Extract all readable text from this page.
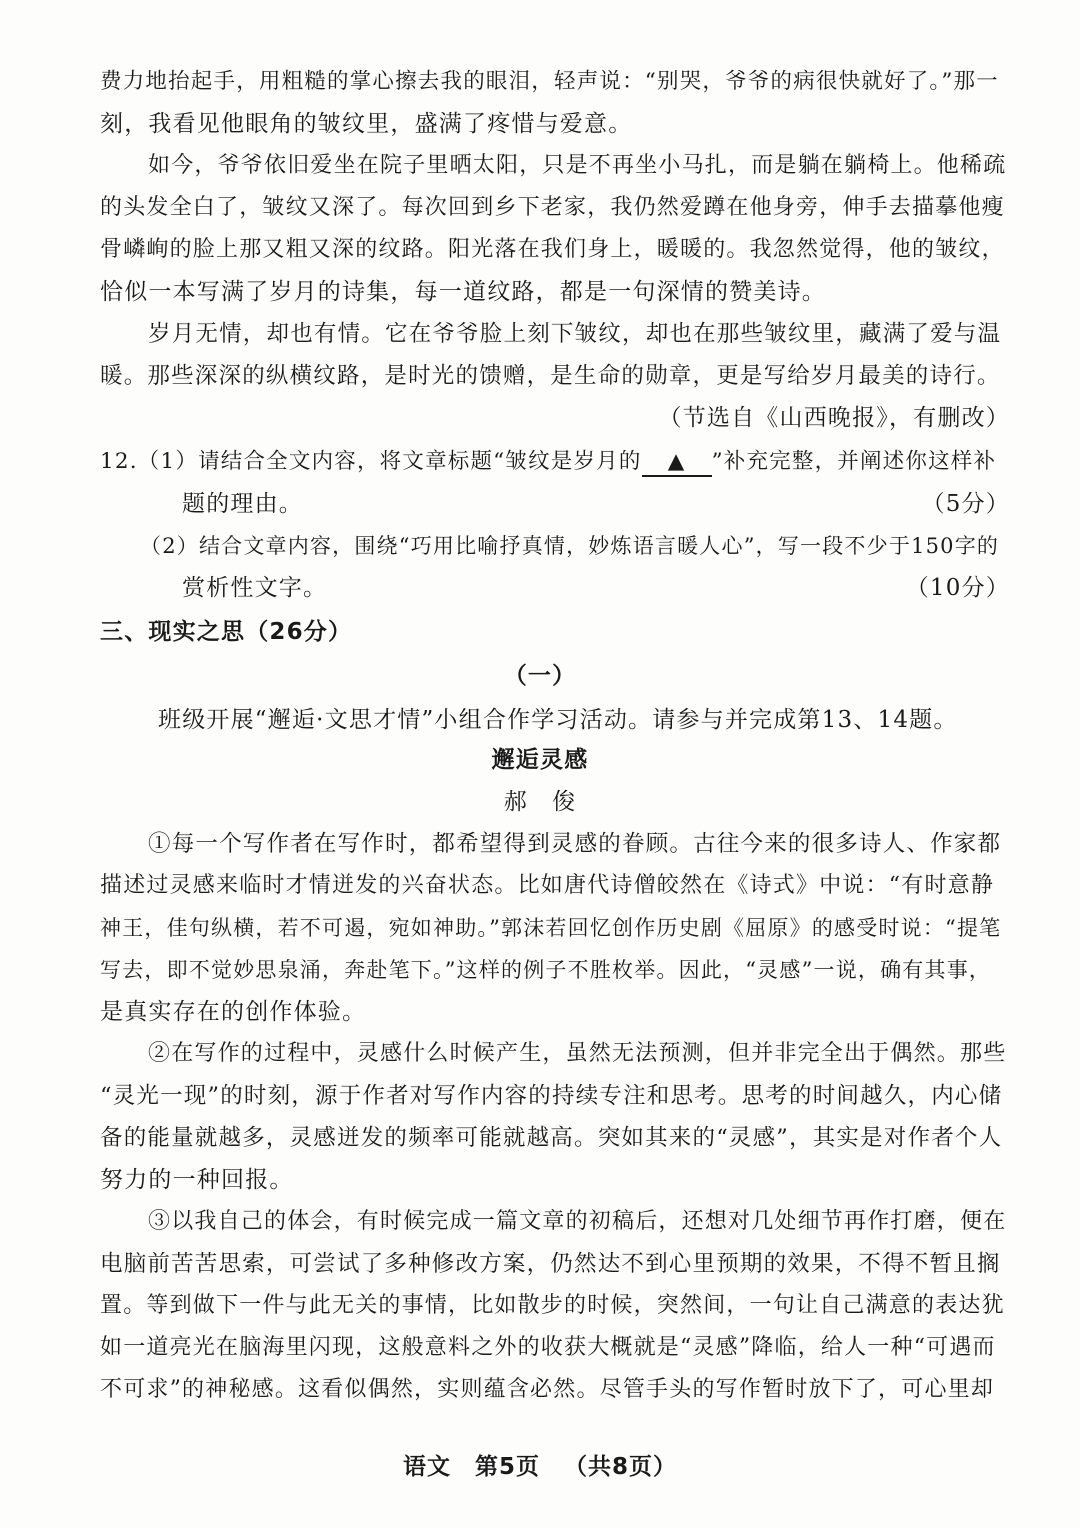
费力地抬起手，用粗糙的掌心擦去我的眼泪，轻声说：“别哭，爷爷的病很快就好了。”那一
刻，我看见他眼角的皱纹里，盛满了疼惜与爱意。
如今，爷爷依旧爱坐在院子里晒太阳，只是不再坐小马扎，而是躺在躺椅上。他稀疏
的头发全白了，皱纹又深了。每次回到乡下老家，我仍然爱蹲在他身旁，伸手去描摹他瘦
骨嶙峋的脸上那又粗又深的纹路。阳光落在我们身上，暖暖的。我忽然觉得，他的皱纹，
恰似一本写满了岁月的诗集，每一道纹路，都是一句深情的赞美诗。
岁月无情，却也有情。它在爷爷脸上刻下皱纹，却也在那些皱纹里，藏满了爱与温
暖。那些深深的纵横纹路，是时光的馈赠，是生命的勋章，更是写给岁月最美的诗行。
（节选自《山西晚报》，有删改）
12.（1）请结合全文内容，将文章标题“皱纹是岁月的 ▲ ”补充完整，并阐述你这样补
题的理由。	（5分）
（2）结合文章内容，围绕“巧用比喻抒真情，妙炼语言暖人心”，写一段不少于150字的
赏析性文字。	（10分）
三、现实之思（26分）
（一）
班级开展“邂逅·文思才情”小组合作学习活动。请参与并完成第13、14题。
邂逅灵感
郝　俊
①每一个写作者在写作时，都希望得到灵感的眷顾。古往今来的很多诗人、作家都
描述过灵感来临时才情迸发的兴奋状态。比如唐代诗僧皎然在《诗式》中说：“有时意静
神王，佳句纵横，若不可遏，宛如神助。”郭沫若回忆创作历史剧《屈原》的感受时说：“提笔
写去，即不觉妙思泉涌，奔赴笔下。”这样的例子不胜枚举。因此，“灵感”一说，确有其事，
是真实存在的创作体验。
②在写作的过程中，灵感什么时候产生，虽然无法预测，但并非完全出于偶然。那些
“灵光一现”的时刻，源于作者对写作内容的持续专注和思考。思考的时间越久，内心储
备的能量就越多，灵感迸发的频率可能就越高。突如其来的“灵感”，其实是对作者个人
努力的一种回报。
③以我自己的体会，有时候完成一篇文章的初稿后，还想对几处细节再作打磨，便在
电脑前苦苦思索，可尝试了多种修改方案，仍然达不到心里预期的效果，不得不暂且搁
置。等到做下一件与此无关的事情，比如散步的时候，突然间，一句让自己满意的表达犹
如一道亮光在脑海里闪现，这般意料之外的收获大概就是“灵感”降临，给人一种“可遇而
不可求”的神秘感。这看似偶然，实则蕴含必然。尽管手头的写作暂时放下了，可心里却
语文 第5页 （共8页）
